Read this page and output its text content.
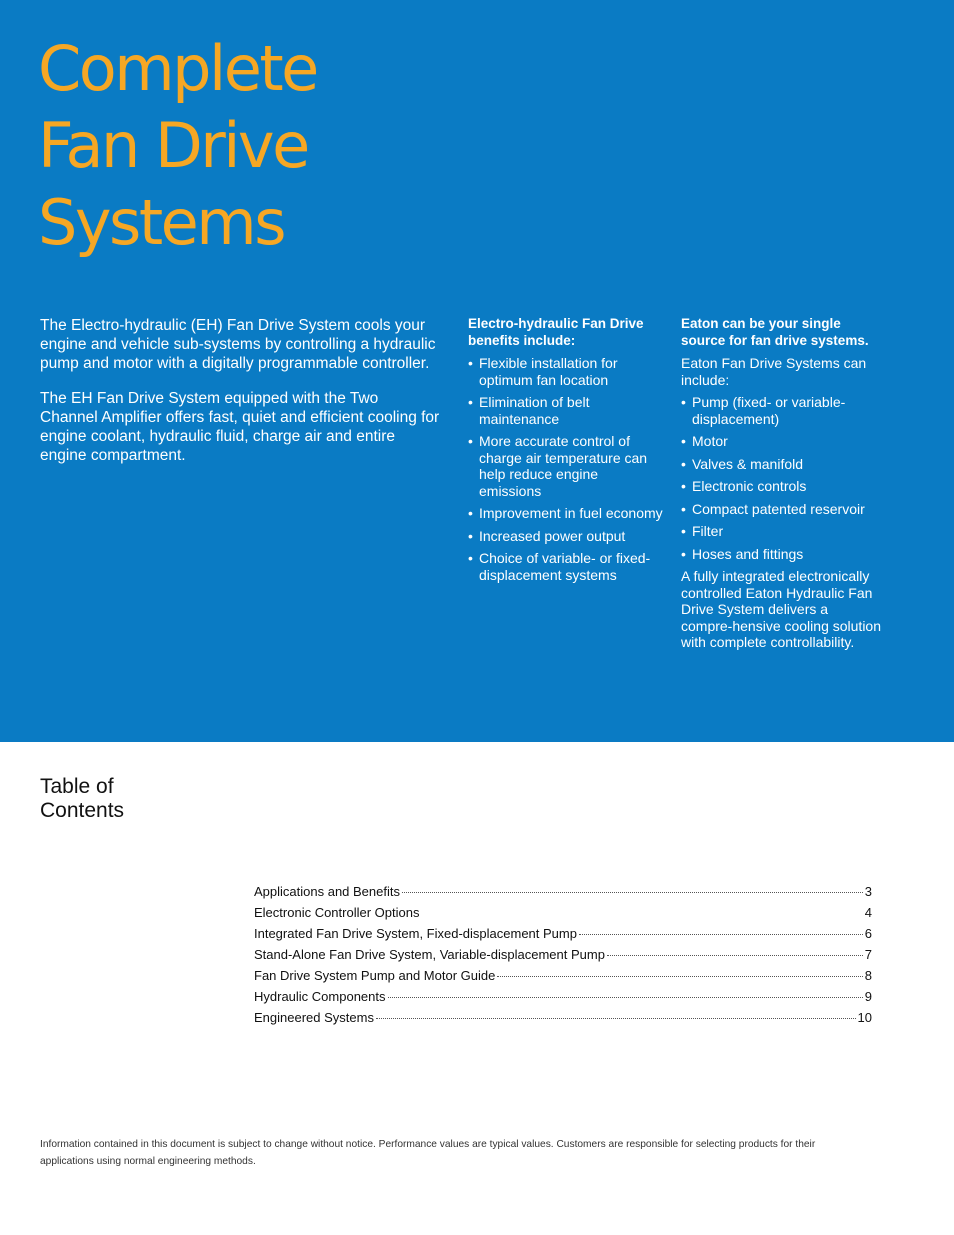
Complete
Fan Drive
Systems

The Electro-hydraulic (EH) Fan Drive System cools your engine and vehicle sub-systems by controlling a hydraulic pump and motor with a digitally programmable controller.

The EH Fan Drive System equipped with the Two Channel Amplifier offers fast, quiet and efficient cooling for engine coolant, hydraulic fluid, charge air and entire engine compartment.

Electro-hydraulic Fan Drive benefits include:
• Flexible installation for optimum fan location
• Elimination of belt maintenance
• More accurate control of charge air temperature can help reduce engine emissions
• Improvement in fuel economy
• Increased power output
• Choice of variable- or fixed-displacement systems
Eaton can be your single source for fan drive systems.

Eaton Fan Drive Systems can include:

• Pump (fixed- or variable-displacement)
• Motor
• Valves & manifold
• Electronic controls
• Compact patented reservoir
• Filter
• Hoses and fittings

A fully integrated electronically controlled Eaton Hydraulic Fan Drive System delivers a compre-hensive cooling solution with complete controllability.

Table of
Contents
Applications and Benefits	3
Electronic Controller Options	4
Integrated Fan Drive System, Fixed-displacement Pump	6
Stand-Alone Fan Drive System, Variable-displacement Pump	7
Fan Drive System Pump and Motor Guide	8
Hydraulic Components	9
Engineered Systems	10

Information contained in this document is subject to change without notice. Performance values are typical values. Customers are responsible for selecting products for their applications using normal engineering methods.
